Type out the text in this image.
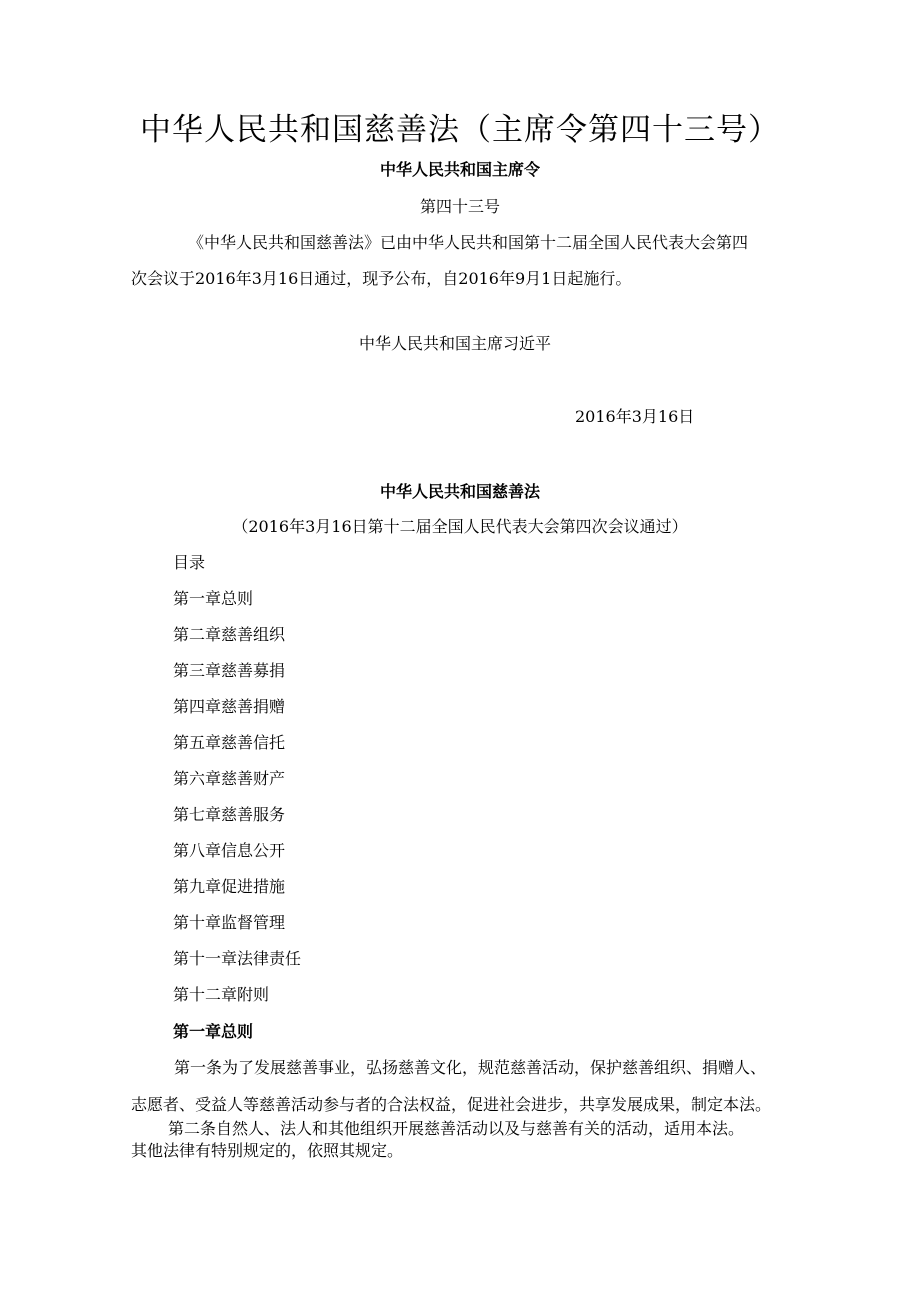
中华人民共和国慈善法（主席令第四十三号）
中华人民共和国主席令
第四十三号
《中华人民共和国慈善法》已由中华人民共和国第十二届全国人民代表大会第四
次会议于2016年3月16日通过，现予公布，自2016年9月1日起施行。
中华人民共和国主席习近平
2016年3月16日
中华人民共和国慈善法
（2016年3月16日第十二届全国人民代表大会第四次会议通过）
目录
第一章总则
第二章慈善组织
第三章慈善募捐
第四章慈善捐赠
第五章慈善信托
第六章慈善财产
第七章慈善服务
第八章信息公开
第九章促进措施
第十章监督管理
第十一章法律责任
第十二章附则
第一章总则
第一条为了发展慈善事业，弘扬慈善文化，规范慈善活动，保护慈善组织、捐赠人、
志愿者、受益人等慈善活动参与者的合法权益，促进社会进步，共享发展成果，制定本法。
第二条自然人、法人和其他组织开展慈善活动以及与慈善有关的活动，适用本法。
其他法律有特别规定的，依照其规定。
